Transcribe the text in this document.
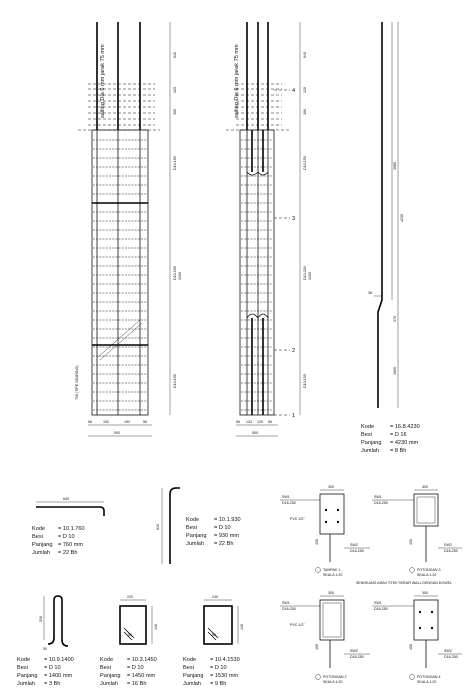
sailing Dia 6 mm jarak 75 mm
700 (TIPE SEARING)
640
120
300
D10-150
D10-200 3100
D10-150
56	192	192	56
500
sailing Dia 6 mm jarak 75 mm	4
3
2
1
640
120
300
D10-150
D10-200 3100
D10-150
56 133 125 56
500
3085
4230
370
1000
36
Kode	= 16.8.4230
Besi	= D 16
Panjang = 4230 mm
Jumlah = 8 Bh
640
Kode = 10.1.760
Besi	= D 10
Panjang = 760 mm
Jumlah = 22 Bh
810
Kode	= 10.1.930
Besi	= D 10
Panjang = 930 mm
Jumlah = 22 Bh
530
50
Kode = 10.9.1400
Besi	= D 10
Panjang = 1400 mm
Jumlah = 3 Bh
220
440
50
Kode = 10.3.1450
Besi	= D 10
Panjang = 1450 mm
Jumlah = 16 Bh
240
440
50
Kode = 10.4.1530
Besi	= D 10
Panjang = 1530 mm
Jumlah = 9 Bh
300
SW1
D16-250
PVC 1/2"
SW2
D16-250
400
TAMPAK 1
SKALA 1:20
400
SW1
D16-250
SW2
D16-250
400
POTONGAN 3
SKALA 1:20
SENGKANG ARAH STEK SHEAR WALL DENGAN DOWEL
300
SW1
D16-250
PVC 1/2"
SW2
D16-250
400
POTONGAN 2
SKALA 1:20
300
SW1
D16-250
SW2
D16-250
400
POTONGAN 4
SKALA 1:20
